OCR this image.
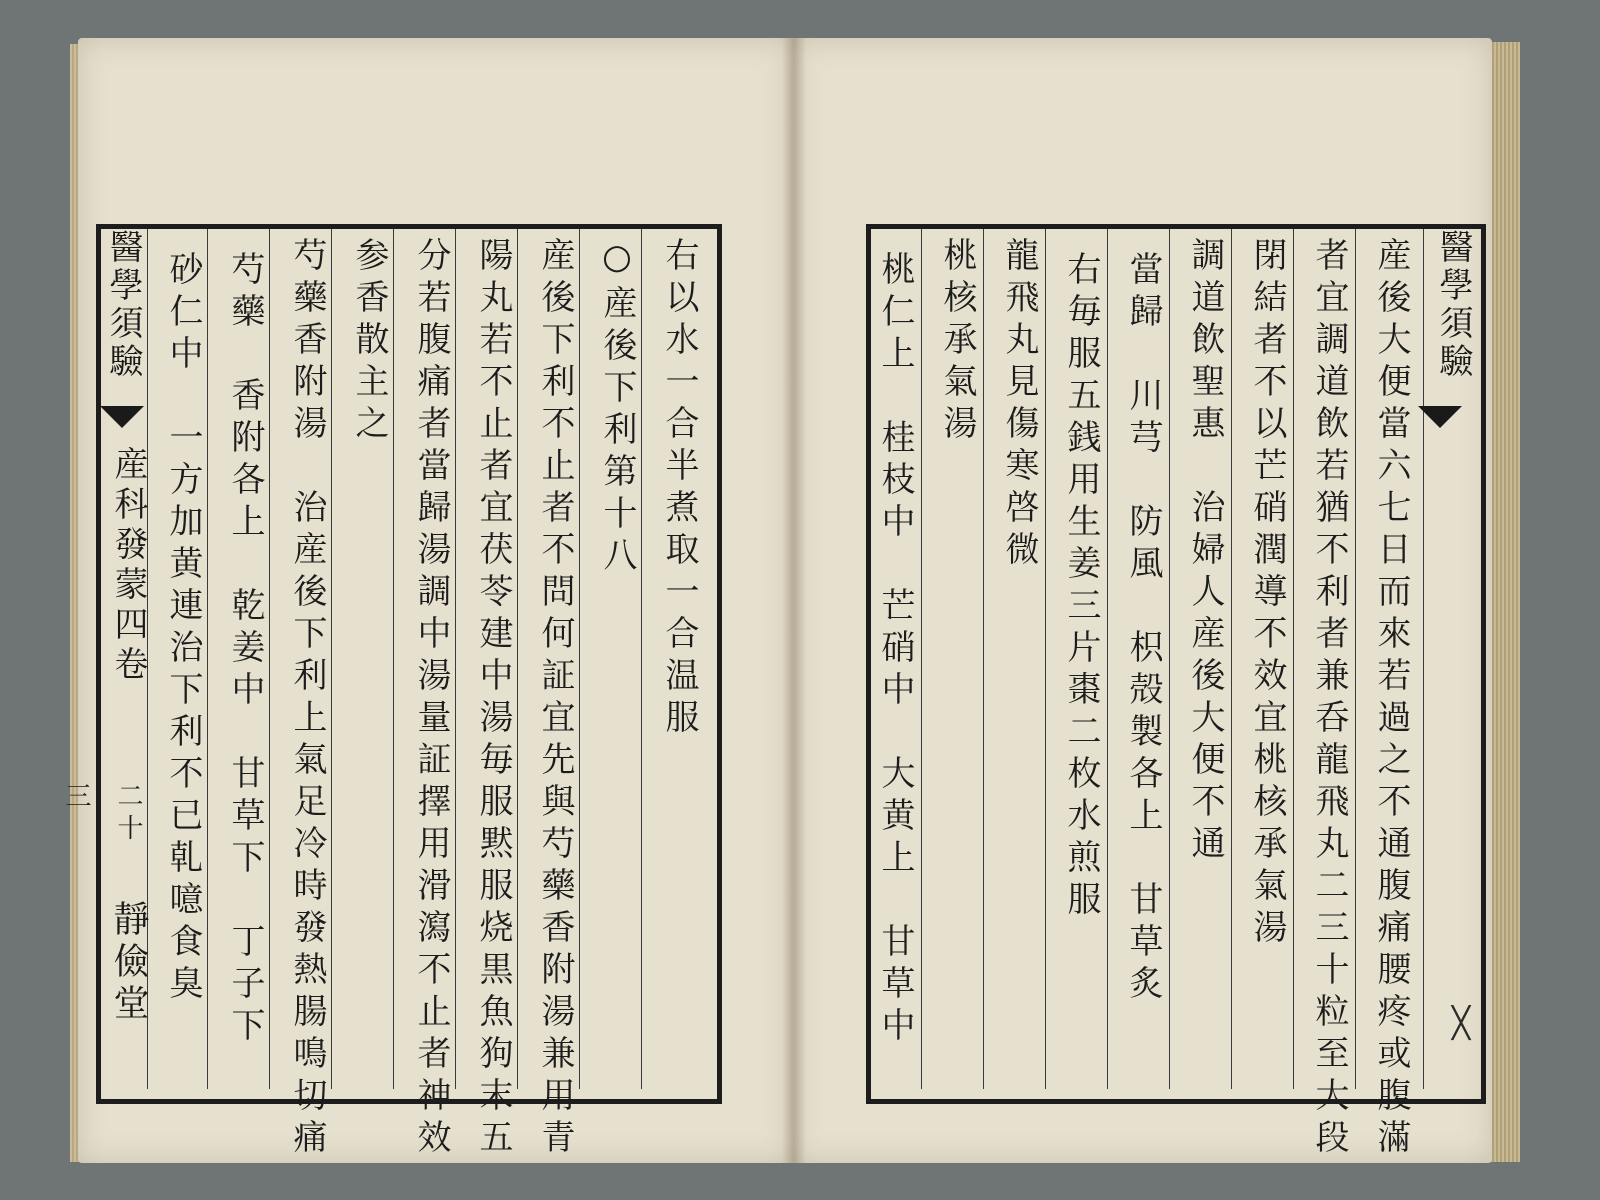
右以水一合半煮取一合温服
○産後下利第十八
産後下利不止者不問何証宜先與芍藥香附湯兼用青
陽丸若不止者宜茯苓建中湯毎服黙服烧黒魚狗末五
分若腹痛者當歸湯調中湯量証擇用滑瀉不止者神效
参香散主之
芍藥香附湯　治産後下利上氣足冷時發熱腸鳴切痛
芍藥　香附各上　乾姜中　甘草下　丁子下
砂仁中　一方加黄連治下利不已乹噫食臭
醫學須驗
産科發蒙四卷
二十三
靜儉堂
醫學須驗
産後大便當六七日而來若過之不通腹痛腰疼或腹滿
者宜調道飲若猶不利者兼呑龍飛丸二三十粒至大段
閉結者不以芒硝潤導不效宜桃核承氣湯
調道飲聖惠　治婦人産後大便不通
當歸　川芎　防風　枳殻製各上　甘草炙
右毎服五銭用生姜三片棗二枚水煎服
龍飛丸見傷寒啓微
桃核承氣湯
桃仁上　桂枝中　芒硝中　大黄上　甘草中	╳
